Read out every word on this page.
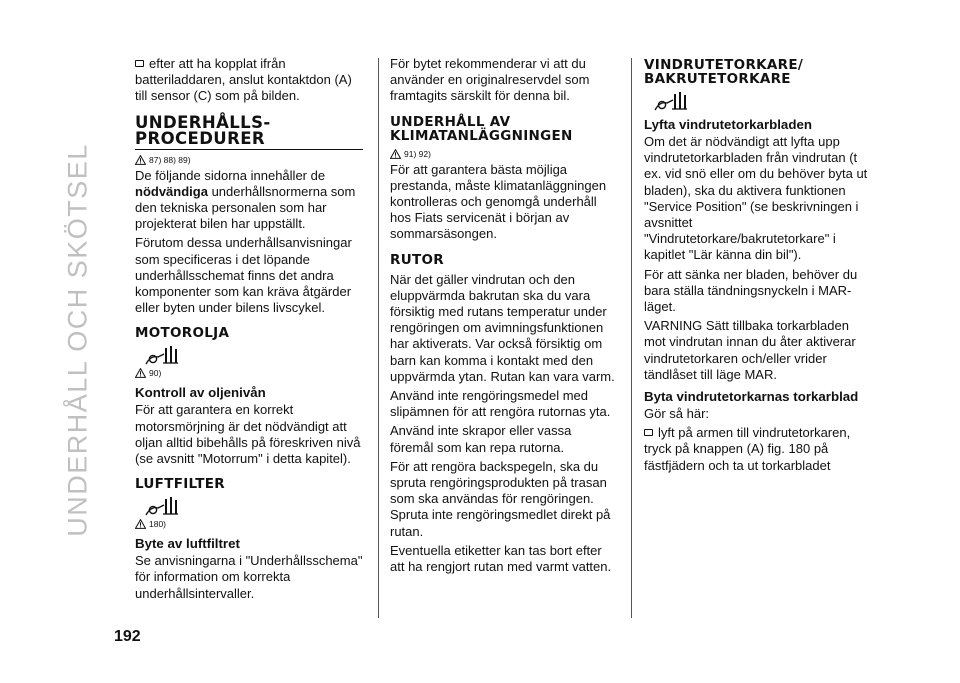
UNDERHÅLL OCH SKÖTSEL

efter att ha kopplat ifrån batteriladdaren, anslut kontaktdon (A) till sensor (C) som på bilden.

UNDERHÅLLS-PROCEDURER
87) 88) 89)

De följande sidorna innehåller de nödvändiga underhållsnormerna som den tekniska personalen som har projekterat bilen har uppställt.

Förutom dessa underhållsanvisningar som specificeras i det löpande underhållsschemat finns det andra komponenter som kan kräva åtgärder eller byten under bilens livscykel.

MOTOROLJA
90)
Kontroll av oljenivån

För att garantera en korrekt motorsmörjning är det nödvändigt att oljan alltid bibehålls på föreskriven nivå (se avsnitt "Motorrum" i detta kapitel).

LUFTFILTER
180)
Byte av luftfiltret

Se anvisningarna i "Underhållsschema" för information om korrekta underhållsintervaller.

För bytet rekommenderar vi att du använder en originalreservdel som framtagits särskilt för denna bil.

UNDERHÅLL AV KLIMATANLÄGGNINGEN
91) 92)

För att garantera bästa möjliga prestanda, måste klimatanläggningen kontrolleras och genomgå underhåll hos Fiats servicenät i början av sommarsäsongen.

RUTOR

När det gäller vindrutan och den eluppvärmda bakrutan ska du vara försiktig med rutans temperatur under rengöringen om avimningsfunktionen har aktiverats. Var också försiktig om barn kan komma i kontakt med den uppvärmda ytan. Rutan kan vara varm.

Använd inte rengöringsmedel med slipämnen för att rengöra rutornas yta.

Använd inte skrapor eller vassa föremål som kan repa rutorna.

För att rengöra backspegeln, ska du spruta rengöringsprodukten på trasan som ska användas för rengöringen. Spruta inte rengöringsmedlet direkt på rutan.

Eventuella etiketter kan tas bort efter att ha rengjort rutan med varmt vatten.

VINDRUTETORKARE/ BAKRUTETORKARE
Lyfta vindrutetorkarbladen

Om det är nödvändigt att lyfta upp vindrutetorkarbladen från vindrutan (t ex. vid snö eller om du behöver byta ut bladen), ska du aktivera funktionen "Service Position" (se beskrivningen i avsnittet "Vindrutetorkare/bakrutetorkare" i kapitlet "Lär känna din bil").

För att sänka ner bladen, behöver du bara ställa tändningsnyckeln i MAR-läget.

VARNING Sätt tillbaka torkarbladen mot vindrutan innan du åter aktiverar vindrutetorkaren och/eller vrider tändlåset till läge MAR.

Byta vindrutetorkarnas torkarblad

Gör så här:

lyft på armen till vindrutetorkaren, tryck på knappen (A) fig. 180 på fästfjädern och ta ut torkarbladet

192
